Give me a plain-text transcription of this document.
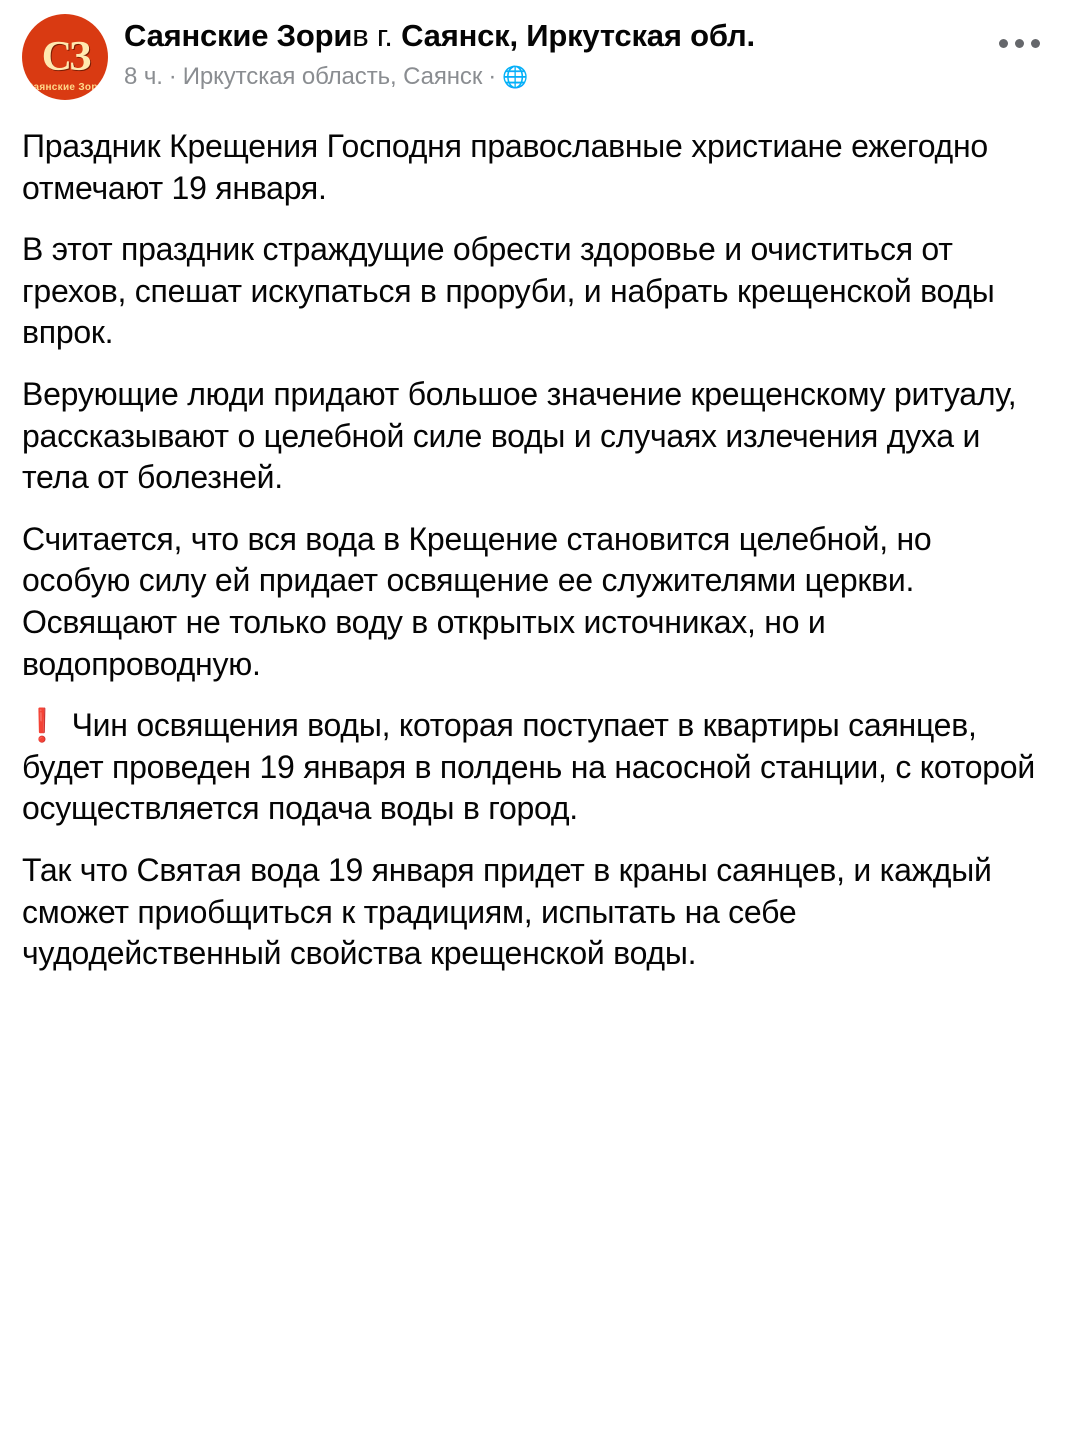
СЗ
Саянские Зори
Саянские Зорив г. Саянск, Иркутская обл.
8 ч. · Иркутская область, Саянск · 🌐

Праздник Крещения Господня православные христиане ежегодно отмечают 19 января.

В этот праздник страждущие обрести здоровье и очиститься от грехов, спешат искупаться в проруби, и набрать крещенской воды впрок.

Верующие люди придают большое значение крещенскому ритуалу, рассказывают о целебной силе воды и случаях излечения духа и тела от болезней.

Считается, что вся вода в Крещение становится целебной, но особую силу ей придает освящение ее служителями церкви. Освящают не только воду в открытых источниках, но и водопроводную.

❗ Чин освящения воды, которая поступает в квартиры саянцев, будет проведен 19 января в полдень на насосной станции, с которой осуществляется подача воды в город.

Так что Святая вода 19 января придет в краны саянцев, и каждый сможет приобщиться к традициям, испытать на себе чудодейственный свойства крещенской воды.
